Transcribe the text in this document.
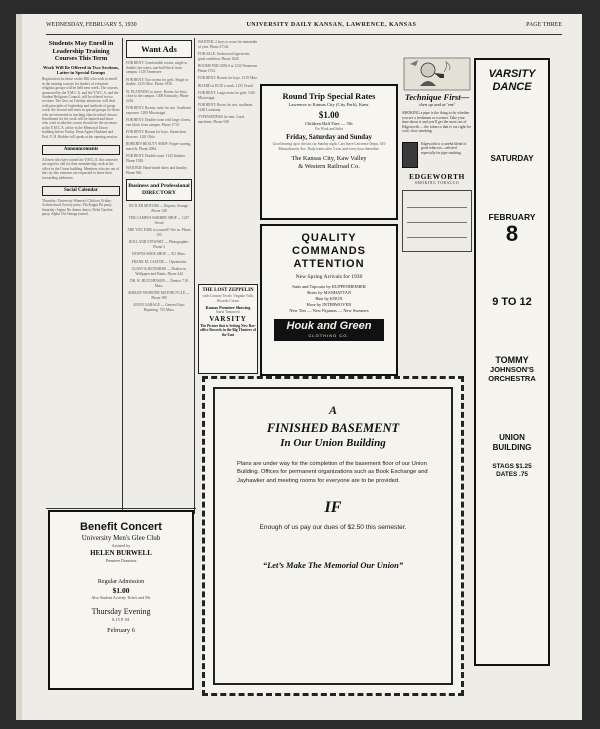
WEDNESDAY, FEBRUARY 5, 1930	UNIVERSITY DAILY KANSAN, LAWRENCE, KANSAS	PAGE THREE
Students May Enroll in Leadership Training Courses This Term
Work Will Be Offered in Two Sections, Latter in Special Groups
Registration for those on the Hill who wish to enroll in the training courses for leaders of volunteer religious groups will be held next week. The courses, sponsored by the Y.M.C.A. and the Y.W.C.A. and the Student Religious Council, will be offered in two sections. The first, on Tuesday afternoon, will deal with principles of leadership and methods of group work; the second will meet in special groups for those who are interested in teaching church school classes. Enrollment for the work will be limited and those who wish to take the course should see the secretary at the Y.M.C.A. office in the Memorial Union building before Friday. Dean Agnes Husband and Prof. F. H. Hodder will speak at the opening session.
Announcements
All men who have joined the Y.M.C.A. this semester are urged to call for their membership cards at the office in the Union building. Members who are out of the city this semester are requested to leave their forwarding addresses.
Social Calendar
Thursday: University Women's Club tea. Friday: Architectural Society party; Phi Kappa Psi party. Saturday: Sigma Nu dinner dance; Delta Upsilon party; Alpha Chi Omega formal.
Want Ads
FOR RENT: Comfortable rooms, single or double; hot water, one-half block from campus. 1120 Tennessee.
FOR RENT: Two rooms for girls. Single or double. 1225 Ohio. Phone 1938.
W. PLANNING to move. Rooms for boys, close to the campus. 1309 Kentucky. Phone 2416.
FOR RENT: Rooms, suite for two. Southeast exposure. 1200 Mississippi.
FOR RENT: Double room with large closets, one block from campus. Phone 1710.
FOR RENT: Rooms for boys. Steam heat, showers. 1101 Ohio.
ROBERTS BEAUTY SHOP: Finger waving, marcels. Phone 2084.
FOR RENT: Double room. 1145 Indiana. Phone 1920.
WANTED: Hand-tinted shirts and laundry. Phone 946.
Business and Professional DIRECTORY
BUTLER MOTORS — Repairs, Storage. Phone 148
THE CAMPUS BARBER SHOP — 1237 Oread
ARE YOU FAIR to yourself? See us. Phone 193
ROLLAND STEWART — Photographer. Phone 3
DOWNS SHOE SHOP — 911 Mass.
FRANK M. CASTOR — Optometrist
GUSSY & RICHARDS — Dealers in Wallpaper and Paints. Phone 244
DR. W. HUTCHINSON — Dentist. 718 Mass.
SHELBY WEBSTER MOTORCYCLE — Phone 180
KNOX GARAGE — General Auto Repairing. 725 Mass.
WANTED: 2 boys to room for remainder of year. Phone 2714J.
FOR SALE: Underwood typewriter, good condition. Phone 1628.
ROOMS FOR GIRLS at 1234 Tennessee. Phone 1912.
FOR RENT: Rooms for boys. 1319 Ohio.
BOARD at $5.50 a week. 1233 Oread.
FOR RENT: Large room for girls. 1016 Mississippi.
FOR RENT: Room for two, southeast. 1240 Louisiana.
TYPEWRITERS for rent. Good machines. Phone 548.
THE LOST ZEPPELIN
with Conway Tearle, Virginia Valli, Ricardo Cortez
Kansas Premiere Showing
Starts Tomorrow
VARSITY
The Picture that is Setting New Box-office Records in the Big Theaters of the East
Round Trip Special Rates
Lawrence to Kansas City (City Park), Kans.
$1.00
Children Half Fare — 50c
For Work and Sales
Friday, Saturday and Sunday
Good leaving up to the last car Sunday night. Cars leave Lawrence Depot, 610 Massachusetts Ave. Daily trains after 5 a.m. and every hour thereafter.
The Kansas City, Kaw Valley
& Western Railroad Co.
QUALITY
COMMANDS
ATTENTION
New Spring Arrivals for 1930
Suits and Topcoats by KUPPENHEIMER
Shirts by MANHATTAN
Hats by KNOX
Hose by INTERWOVEN
New Ties — New Pajamas — New Sweaters
Houk and Green
CLOTHING CO.
Technique First—
then up and at 'em!
SMOKING a pipe is the thing to do whether you are a freshman or a senior. Take your time about it and you'll get the most out of Edgeworth — the tobacco that is cut right for cool, slow smoking.
Edgeworth is a careful blend of good tobaccos—selected especially for pipe smoking.
EDGEWORTH
SMOKING TOBACCO
VARSITY
DANCE
SATURDAY
FEBRUARY
8
9 TO 12
TOMMY
JOHNSON'S
ORCHESTRA
UNION
BUILDING
STAGS $1.25
DATES .75
Benefit Concert
University Men's Glee Club
Assisted by
HELEN BURWELL
Premiere Danseuse
Regular Admission
$1.00
Also Student Activity Ticket and 50c
Thursday Evening
8:15 P. M.
February 6
A
FINISHED BASEMENT
In Our Union Building
Plans are under way for the completion of the basement floor of our Union Building. Offices for permanent organizations such as Book Exchange and Jayhawker and meeting rooms for everyone are to be provided.
IF
Enough of us pay our dues of $2.50 this semester.
“Let’s Make The Memorial Our Union”
